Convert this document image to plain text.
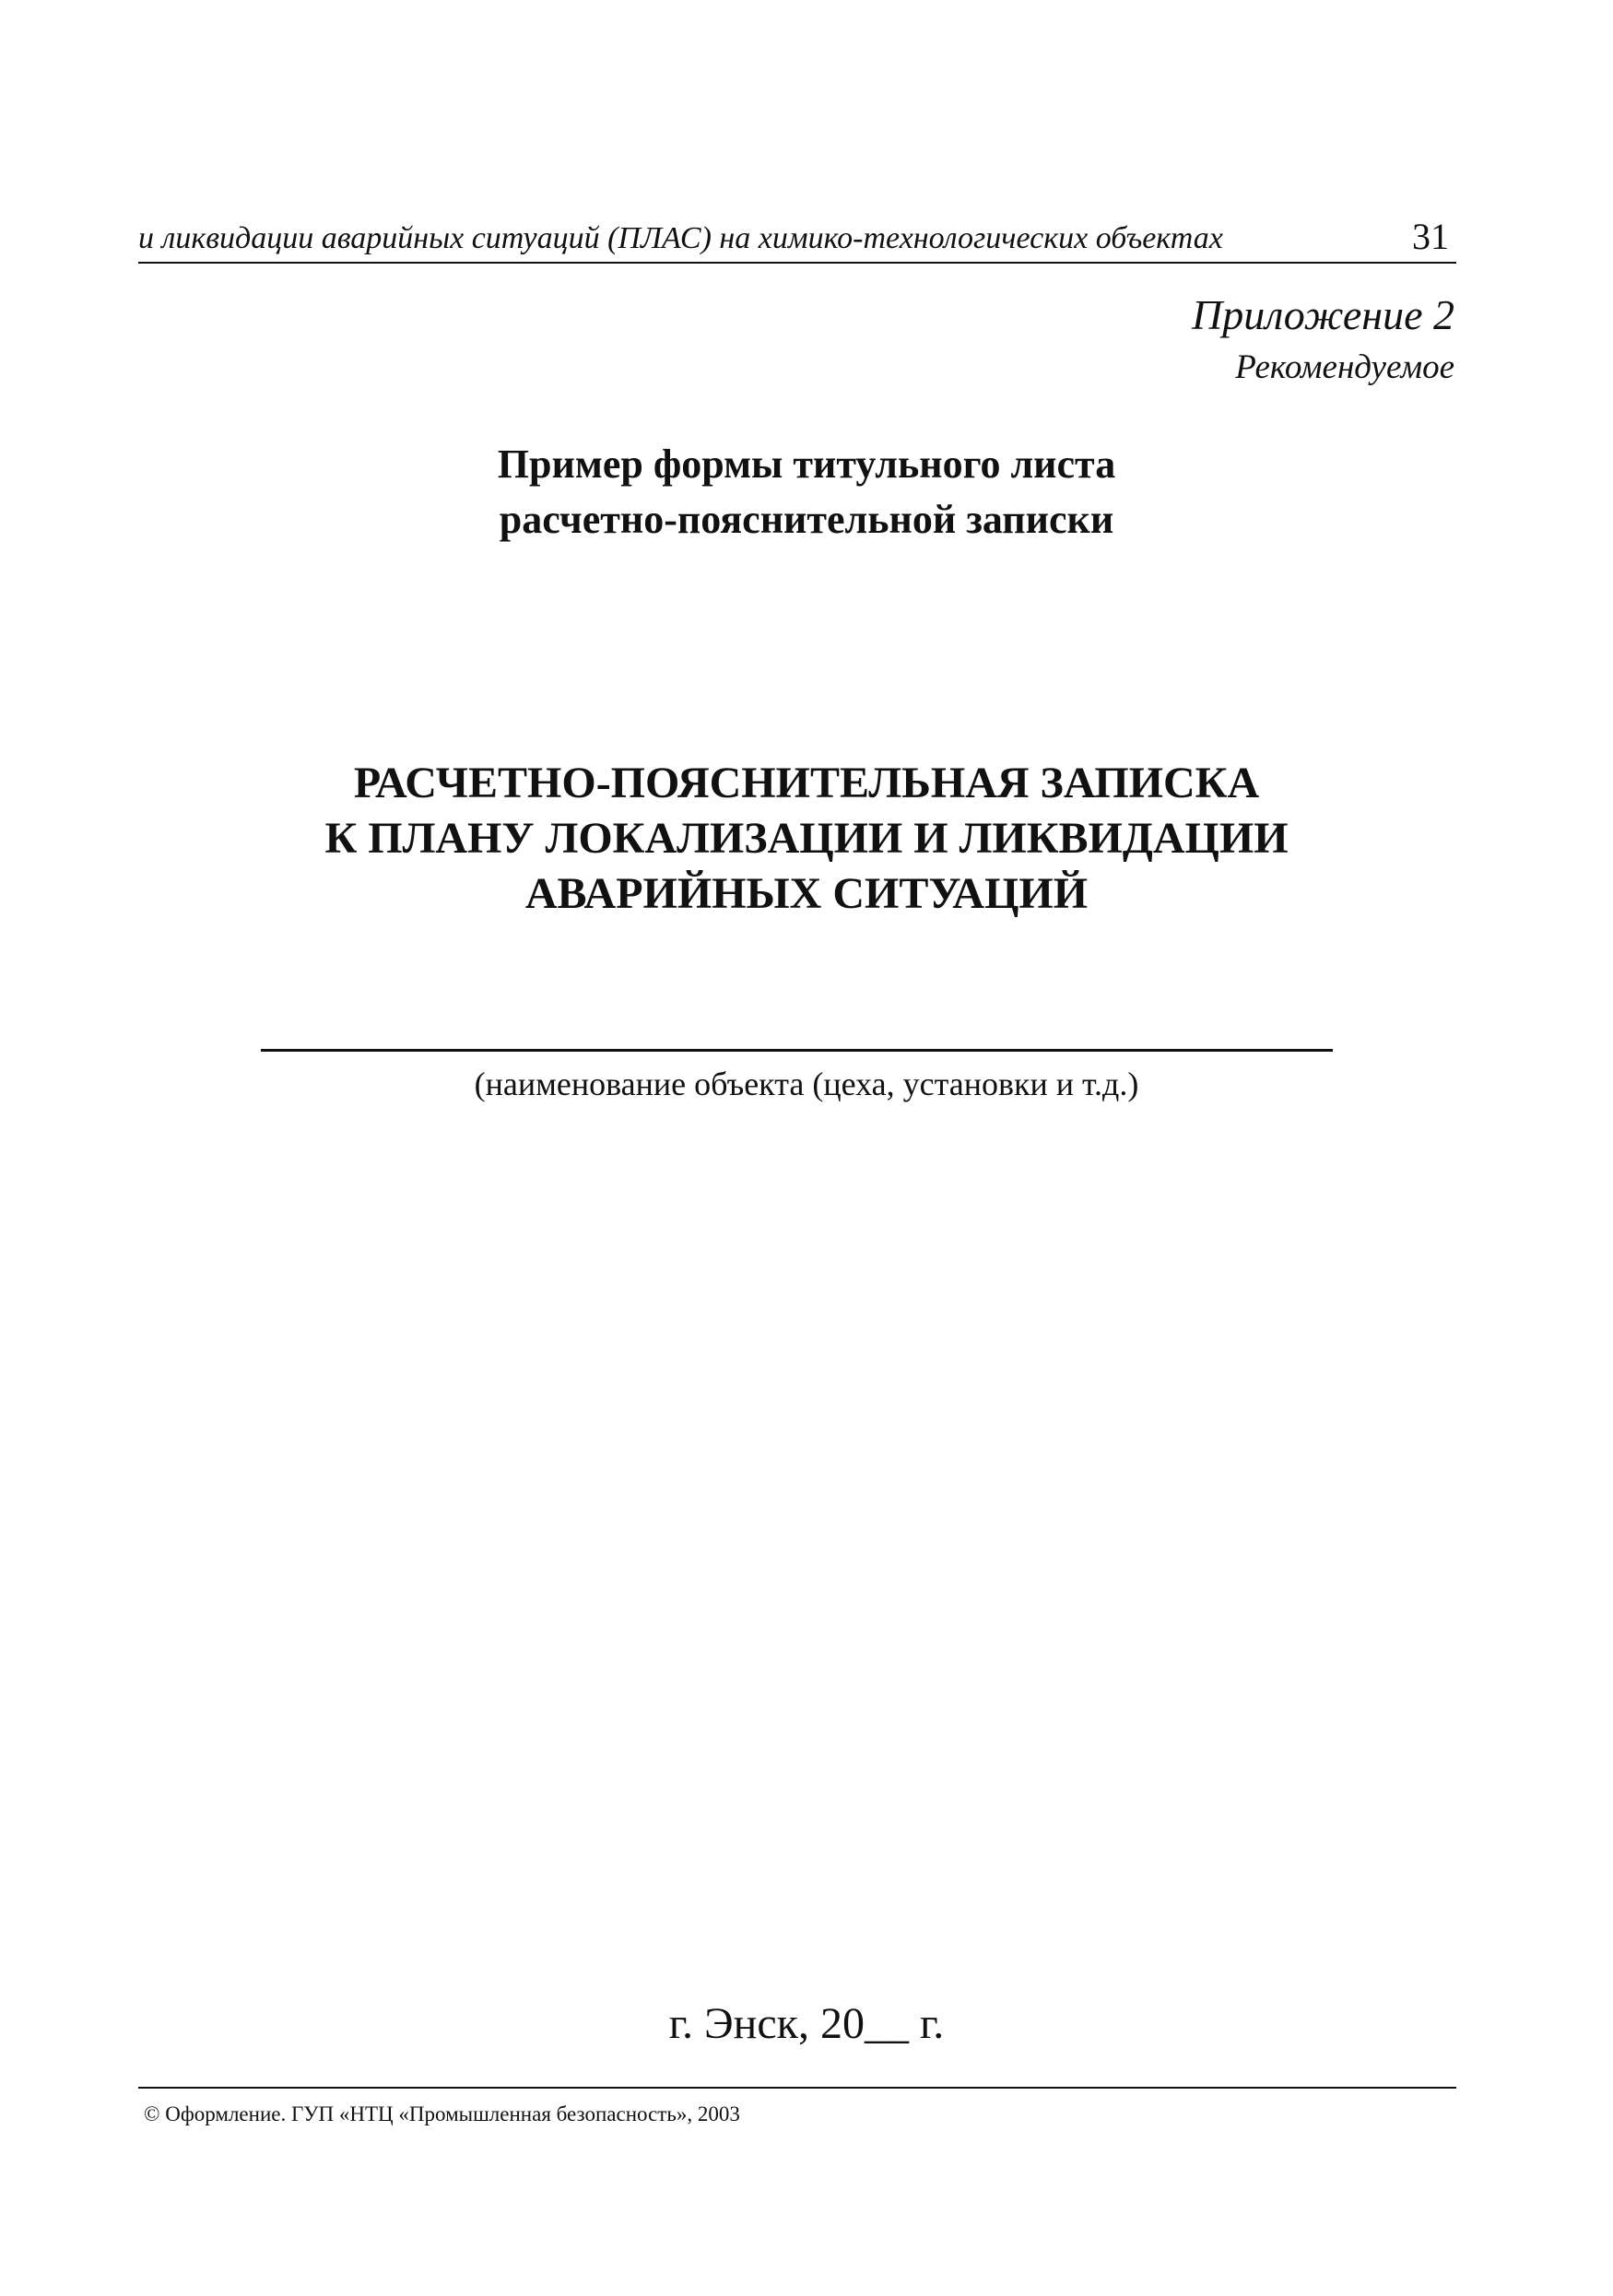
и ликвидации аварийных ситуаций (ПЛАС) на химико-технологических объектах	31
Приложение 2
Рекомендуемое
Пример формы титульного листа
расчетно-пояснительной записки
РАСЧЕТНО-ПОЯСНИТЕЛЬНАЯ ЗАПИСКА
К ПЛАНУ ЛОКАЛИЗАЦИИ И ЛИКВИДАЦИИ
АВАРИЙНЫХ СИТУАЦИЙ
(наименование объекта (цеха, установки и т.д.)
г. Энск, 20__ г.
© Оформление. ГУП «НТЦ «Промышленная безопасность», 2003
